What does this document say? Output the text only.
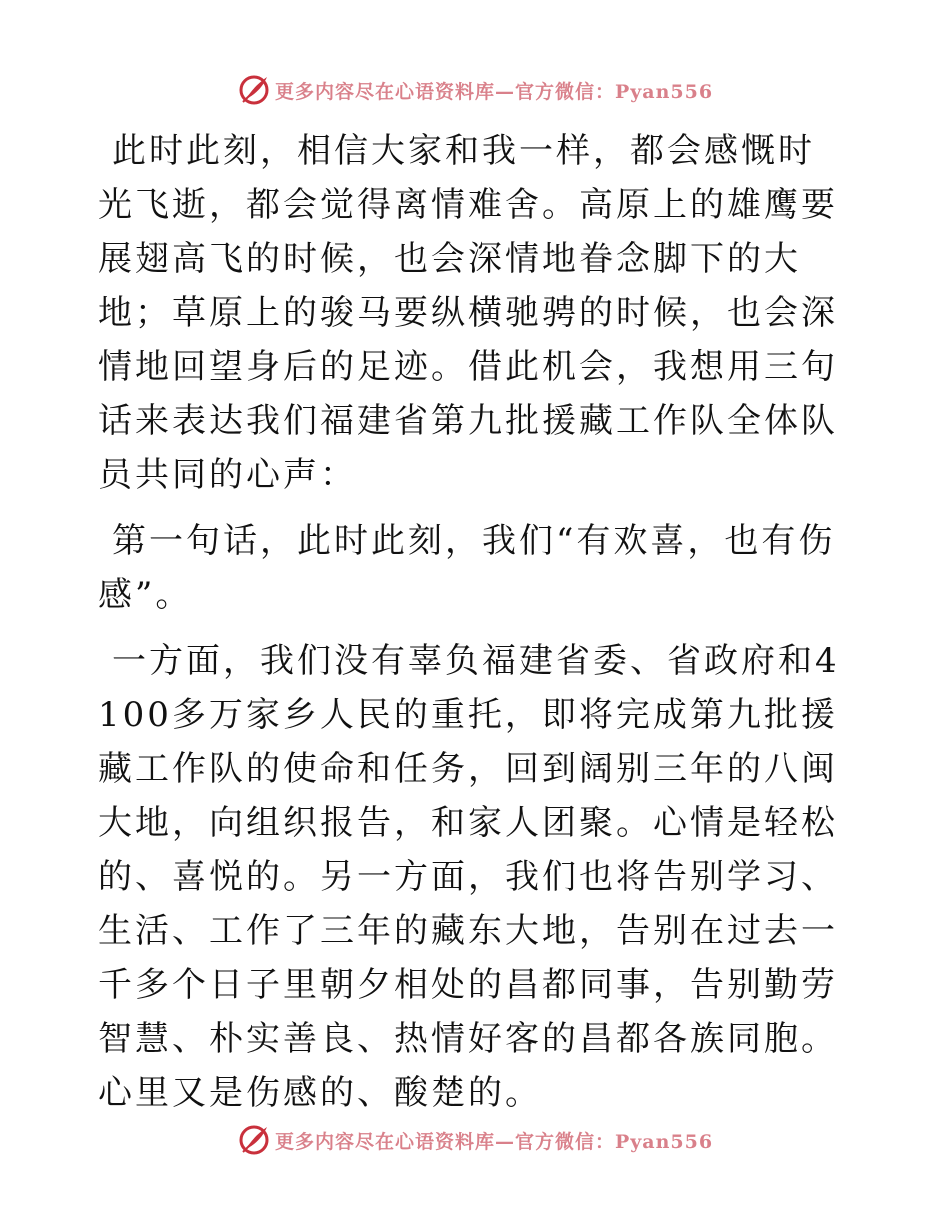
更多内容尽在心语资料库—官方微信：Pyan556

此时此刻，相信大家和我一样，都会感慨时光飞逝，都会觉得离情难舍。高原上的雄鹰要展翅高飞的时候，也会深情地眷念脚下的大地；草原上的骏马要纵横驰骋的时候，也会深情地回望身后的足迹。借此机会，我想用三句话来表达我们福建省第九批援藏工作队全体队员共同的心声：

第一句话，此时此刻，我们“有欢喜，也有伤感”。

一方面，我们没有辜负福建省委、省政府和4100多万家乡人民的重托，即将完成第九批援藏工作队的使命和任务，回到阔别三年的八闽大地，向组织报告，和家人团聚。心情是轻松的、喜悦的。另一方面，我们也将告别学习、生活、工作了三年的藏东大地，告别在过去一千多个日子里朝夕相处的昌都同事，告别勤劳智慧、朴实善良、热情好客的昌都各族同胞。心里又是伤感的、酸楚的。

更多内容尽在心语资料库—官方微信：Pyan556
